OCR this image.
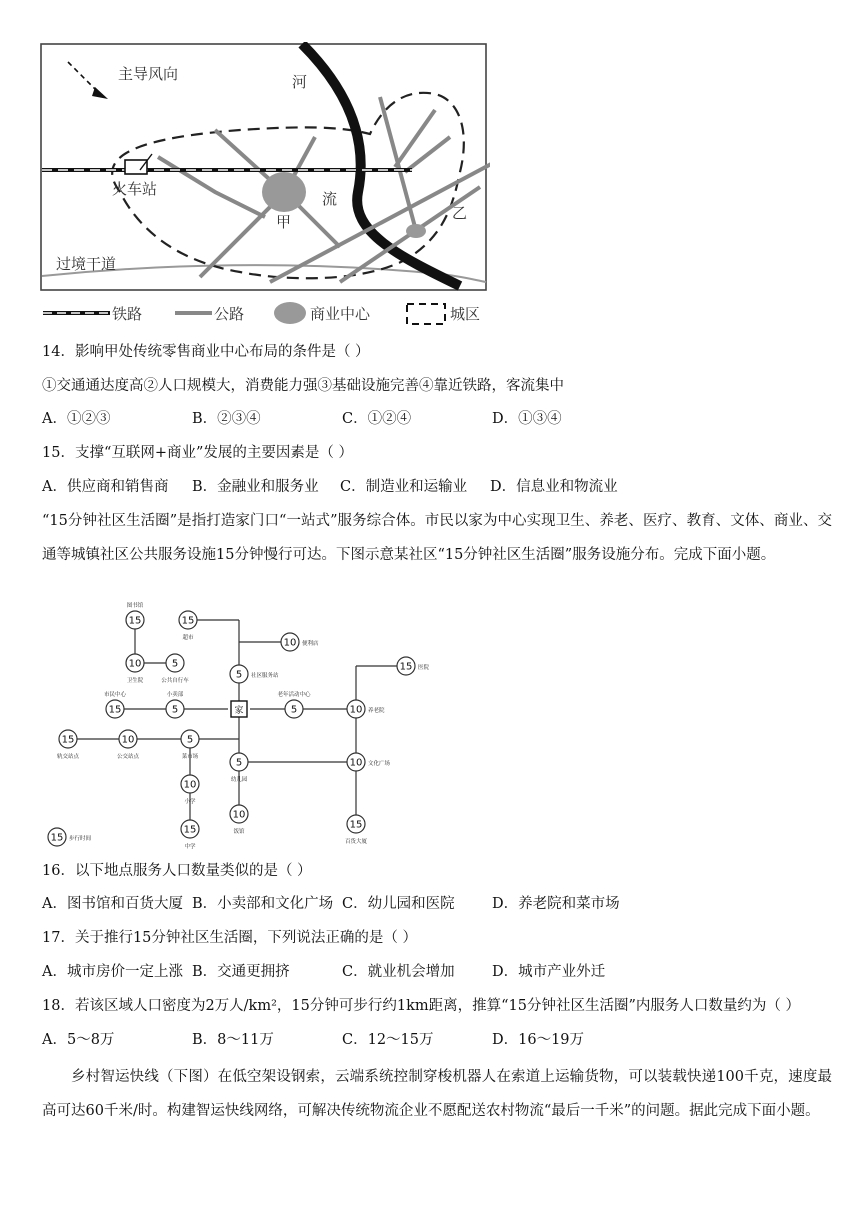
主导风向	河
流
火车站
甲	乙
过境干道
铁路	公路	商业中心	城区
14．影响甲处传统零售商业中心布局的条件是（ ）
①交通通达度高②人口规模大，消费能力强③基础设施完善④靠近铁路，客流集中
A．①②③	B．②③④	C．①②④	D．①③④
15．支撑“互联网+商业”发展的主要因素是（ ）
A．供应商和销售商 B．金融业和服务业 C．制造业和运输业 D．信息业和物流业
“15分钟社区生活圈”是指打造家门口“一站式”服务综合体。市民以家为中心实现卫生、养老、医疗、教育、文体、商业、交通等城镇社区公共服务设施15分钟慢行可达。下图示意某社区“15分钟社区生活圈”服务设施分布。完成下面小题。
15
图书馆
15
超市
10
卫生院
5
公共自行车
10 便利店
5 社区服务站
15 医院
15
市民中心
5
小卖部
5
老年活动中心
10 养老院
15
轨交站点
10
公交站点
5
菜市场
5
幼儿园
10 文化广场
10
小学
10
饭馆
15
中学
15
百货大厦
15 步行时间
家
16．以下地点服务人口数量类似的是（ ）
A．图书馆和百货大厦 B．小卖部和文化广场 C．幼儿园和医院	D．养老院和菜市场
17．关于推行15分钟社区生活圈，下列说法正确的是（ ）
A．城市房价一定上涨 B．交通更拥挤	C．就业机会增加	D．城市产业外迁
18．若该区域人口密度为2万人/km²，15分钟可步行约1km距离，推算“15分钟社区生活圈”内服务人口数量约为（ ）
A．5～8万	B．8～11万	C．12～15万	D．16～19万
乡村智运快线（下图）在低空架设钢索，云端系统控制穿梭机器人在索道上运输货物，可以装载快递100千克，速度最高可达60千米/时。构建智运快线网络，可解决传统物流企业不愿配送农村物流“最后一千米”的问题。据此完成下面小题。
